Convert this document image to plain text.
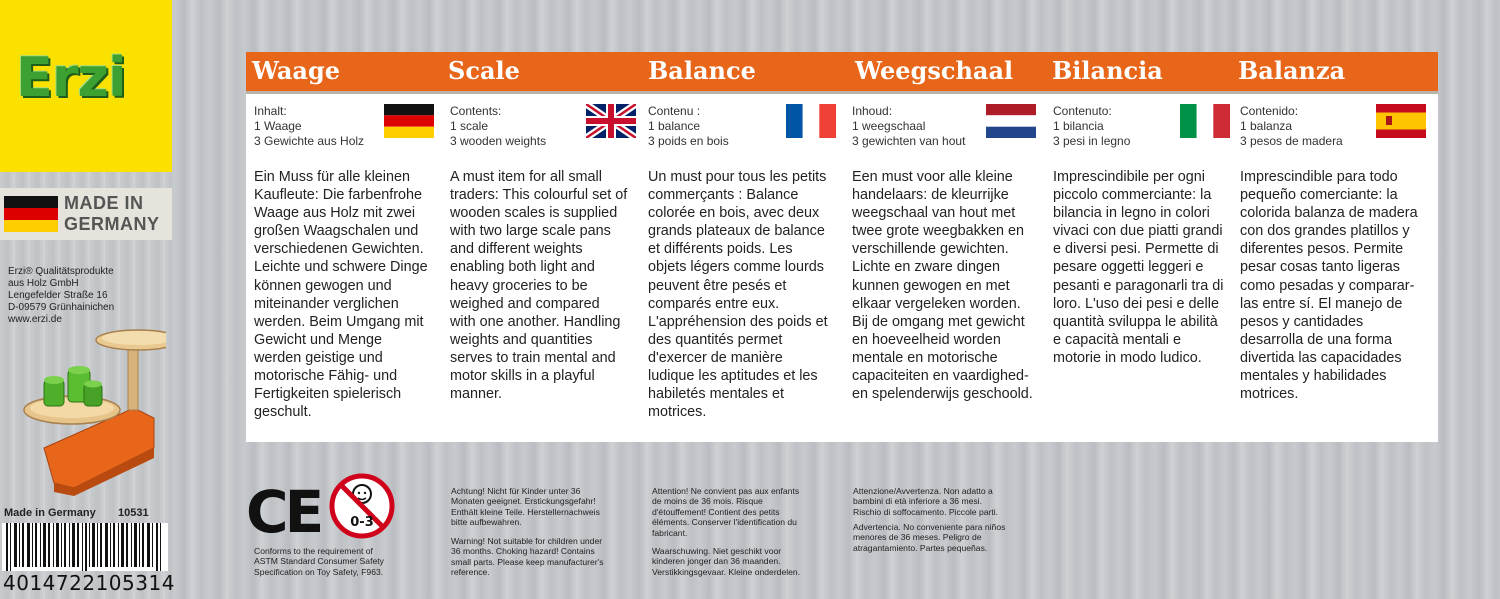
Erzi
MADE IN
GERMANY
Erzi® Qualitätsprodukte
aus Holz GmbH
Lengefelder Straße 16
D-09579 Grünhainichen
www.erzi.de
Made in Germany 10531
4014722105314
Waage	Scale	Balance	Weegschaal Bilancia	Balanza
Inhalt:
1 Waage
3 Gewichte aus Holz
Ein Muss für alle kleinen
Kaufleute: Die farbenfrohe
Waage aus Holz mit zwei
großen Waagschalen und
verschiedenen Gewichten.
Leichte und schwere Dinge
können gewogen und
miteinander verglichen
werden. Beim Umgang mit
Gewicht und Menge
werden geistige und
motorische Fähig- und
Fertigkeiten spielerisch
geschult.
Contents:
1 scale
3 wooden weights
A must item for all small
traders: This colourful set of
wooden scales is supplied
with two large scale pans
and different weights
enabling both light and
heavy groceries to be
weighed and compared
with one another. Handling
weights and quantities
serves to train mental and
motor skills in a playful
manner.
Contenu :
1 balance
3 poids en bois
Un must pour tous les petits
commerçants : Balance
colorée en bois, avec deux
grands plateaux de balance
et différents poids. Les
objets légers comme lourds
peuvent être pesés et
comparés entre eux.
L'appréhension des poids et
des quantités permet
d'exercer de manière
ludique les aptitudes et les
habiletés mentales et
motrices.
Inhoud:
1 weegschaal
3 gewichten van hout
Een must voor alle kleine
handelaars: de kleurrijke
weegschaal van hout met
twee grote weegbakken en
verschillende gewichten.
Lichte en zware dingen
kunnen gewogen en met
elkaar vergeleken worden.
Bij de omgang met gewicht
en hoeveelheid worden
mentale en motorische
capaciteiten en vaardighed-
en spelenderwijs geschoold.
Contenuto:
1 bilancia
3 pesi in legno
Imprescindibile per ogni
piccolo commerciante: la
bilancia in legno in colori
vivaci con due piatti grandi
e diversi pesi. Permette di
pesare oggetti leggeri e
pesanti e paragonarli tra di
loro. L'uso dei pesi e delle
quantità sviluppa le abilità
e capacità mentali e
motorie in modo ludico.
Contenido:
1 balanza
3 pesos de madera
Imprescindible para todo
pequeño comerciante: la
colorida balanza de madera
con dos grandes platillos y
diferentes pesos. Permite
pesar cosas tanto ligeras
como pesadas y comparar-
las entre sí. El manejo de
pesos y cantidades
desarrolla de una forma
divertida las capacidades
mentales y habilidades
motrices.
CE 0-3
Conforms to the requirement of
ASTM Standard Consumer Safety
Specification on Toy Safety, F963.
Achtung! Nicht für Kinder unter 36
Monaten geeignet. Erstickungsgefahr!
Enthält kleine Teile. Herstellernachweis
bitte aufbewahren.
Warning! Not suitable for children under
36 months. Choking hazard! Contains
small parts. Please keep manufacturer's
reference.
Attention! Ne convient pas aux enfants
de moins de 36 mois. Risque
d'étouffement! Contient des petits
éléments. Conserver l'identification du
fabricant.
Waarschuwing. Niet geschikt voor
kinderen jonger dan 36 maanden.
Verstikkingsgevaar. Kleine onderdelen.
Attenzione/Avvertenza. Non adatto a
bambini di età inferiore a 36 mesi.
Rischio di soffocamento. Piccole parti.
Advertencia. No conveniente para niños
menores de 36 meses. Peligro de
atragantamiento. Partes pequeñas.
